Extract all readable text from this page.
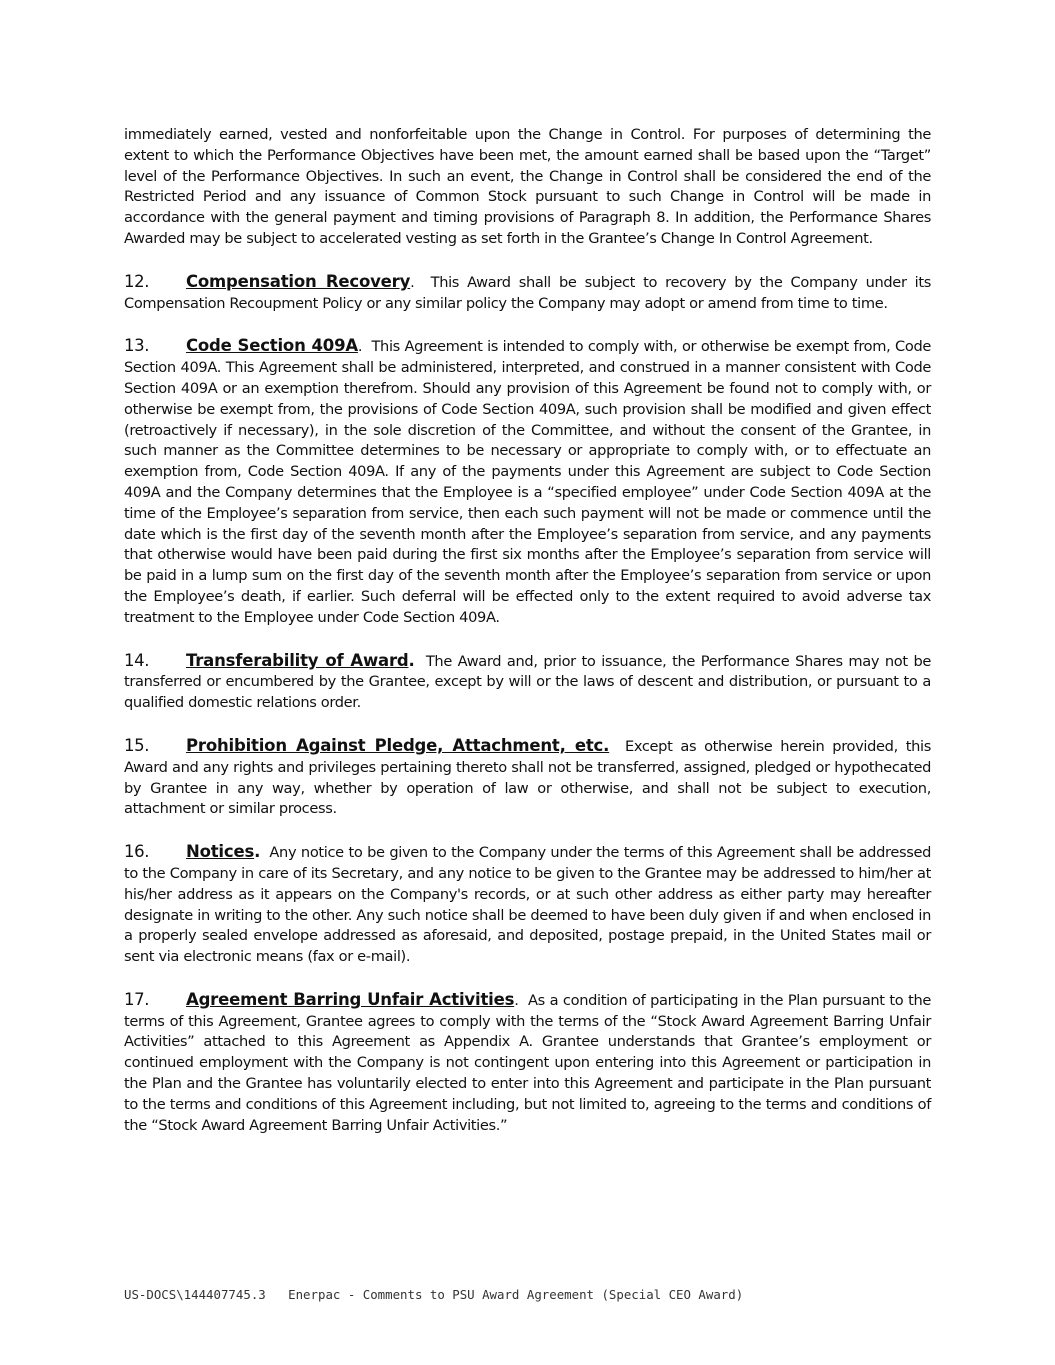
immediately earned, vested and nonforfeitable upon the Change in Control. For purposes of determining the extent to which the Performance Objectives have been met, the amount earned shall be based upon the “Target” level of the Performance Objectives. In such an event, the Change in Control shall be considered the end of the Restricted Period and any issuance of Common Stock pursuant to such Change in Control will be made in accordance with the general payment and timing provisions of Paragraph 8. In addition, the Performance Shares Awarded may be subject to accelerated vesting as set forth in the Grantee’s Change In Control Agreement.

12. Compensation Recovery. This Award shall be subject to recovery by the Company under its Compensation Recoupment Policy or any similar policy the Company may adopt or amend from time to time.

13. Code Section 409A. This Agreement is intended to comply with, or otherwise be exempt from, Code Section 409A. This Agreement shall be administered, interpreted, and construed in a manner consistent with Code Section 409A or an exemption therefrom. Should any provision of this Agreement be found not to comply with, or otherwise be exempt from, the provisions of Code Section 409A, such provision shall be modified and given effect (retroactively if necessary), in the sole discretion of the Committee, and without the consent of the Grantee, in such manner as the Committee determines to be necessary or appropriate to comply with, or to effectuate an exemption from, Code Section 409A. If any of the payments under this Agreement are subject to Code Section 409A and the Company determines that the Employee is a “specified employee” under Code Section 409A at the time of the Employee’s separation from service, then each such payment will not be made or commence until the date which is the first day of the seventh month after the Employee’s separation from service, and any payments that otherwise would have been paid during the first six months after the Employee’s separation from service will be paid in a lump sum on the first day of the seventh month after the Employee’s separation from service or upon the Employee’s death, if earlier. Such deferral will be effected only to the extent required to avoid adverse tax treatment to the Employee under Code Section 409A.

14. Transferability of Award. The Award and, prior to issuance, the Performance Shares may not be transferred or encumbered by the Grantee, except by will or the laws of descent and distribution, or pursuant to a qualified domestic relations order.

15. Prohibition Against Pledge, Attachment, etc. Except as otherwise herein provided, this Award and any rights and privileges pertaining thereto shall not be transferred, assigned, pledged or hypothecated by Grantee in any way, whether by operation of law or otherwise, and shall not be subject to execution, attachment or similar process.

16. Notices. Any notice to be given to the Company under the terms of this Agreement shall be addressed to the Company in care of its Secretary, and any notice to be given to the Grantee may be addressed to him/her at his/her address as it appears on the Company's records, or at such other address as either party may hereafter designate in writing to the other. Any such notice shall be deemed to have been duly given if and when enclosed in a properly sealed envelope addressed as aforesaid, and deposited, postage prepaid, in the United States mail or sent via electronic means (fax or e-mail).

17. Agreement Barring Unfair Activities. As a condition of participating in the Plan pursuant to the terms of this Agreement, Grantee agrees to comply with the terms of the “Stock Award Agreement Barring Unfair Activities” attached to this Agreement as Appendix A. Grantee understands that Grantee’s employment or continued employment with the Company is not contingent upon entering into this Agreement or participation in the Plan and the Grantee has voluntarily elected to enter into this Agreement and participate in the Plan pursuant to the terms and conditions of this Agreement including, but not limited to, agreeing to the terms and conditions of the “Stock Award Agreement Barring Unfair Activities.”

US-DOCS\144407745.3 Enerpac - Comments to PSU Award Agreement (Special CEO Award)
